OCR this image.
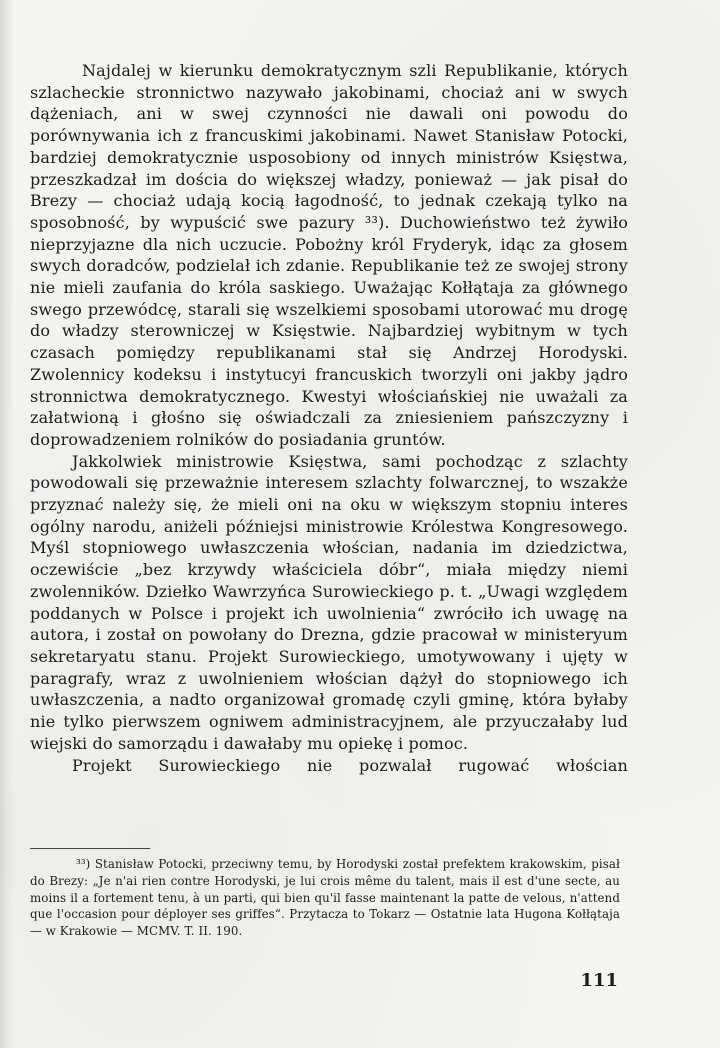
Najdalej w kierunku demokratycznym szli Republikanie, których szlacheckie stronnictwo nazywało jakobinami, chociaż ani w swych dążeniach, ani w swej czynności nie dawali oni powodu do porównywania ich z francuskimi jakobinami. Nawet Stanisław Potocki, bardziej demokratycznie usposobiony od innych ministrów Księstwa, przeszkadzał im dościa do większej władzy, ponieważ — jak pisał do Brezy — chociaż udają kocią łagodność, to jednak czekają tylko na sposobność, by wypuścić swe pazury ³³). Duchowieństwo też żywiło nieprzyjazne dla nich uczucie. Pobożny król Fryderyk, idąc za głosem swych doradców, podzielał ich zdanie. Republikanie też ze swojej strony nie mieli zaufania do króla saskiego. Uważając Kołłątaja za głównego swego przewódcę, starali się wszelkiemi sposobami utorować mu drogę do władzy sterowniczej w Księstwie. Najbardziej wybitnym w tych czasach pomiędzy republikanami stał się Andrzej Horodyski. Zwolennicy kodeksu i instytucyi francuskich tworzyli oni jakby jądro stronnictwa demokratycznego. Kwestyi włościańskiej nie uważali za załatwioną i głośno się oświadczali za zniesieniem pańszczyzny i doprowadzeniem rolników do posiadania gruntów.

Jakkolwiek ministrowie Księstwa, sami pochodząc z szlachty powodowali się przeważnie interesem szlachty folwarcznej, to wszakże przyznać należy się, że mieli oni na oku w większym stopniu interes ogólny narodu, aniżeli późniejsi ministrowie Królestwa Kongresowego. Myśl stopniowego uwłaszczenia włościan, nadania im dziedzictwa, oczewiście „bez krzywdy właściciela dóbr“, miała między niemi zwolenników. Dziełko Wawrzyńca Surowieckiego p. t. „Uwagi względem poddanych w Polsce i projekt ich uwolnienia“ zwróciło ich uwagę na autora, i został on powołany do Drezna, gdzie pracował w ministeryum sekretaryatu stanu. Projekt Surowieckiego, umotywowany i ujęty w paragrafy, wraz z uwolnieniem włościan dążył do stopniowego ich uwłaszczenia, a nadto organizował gromadę czyli gminę, która byłaby nie tylko pierwszem ogniwem administracyjnem, ale przyuczałaby lud wiejski do samorządu i dawałaby mu opiekę i pomoc.

Projekt Surowieckiego nie pozwalał rugować włościan

³³) Stanisław Potocki, przeciwny temu, by Horodyski został prefektem krakowskim, pisał do Brezy: „Je n'ai rien contre Horodyski, je lui crois même du talent, mais il est d'une secte, au moins il a fortement tenu, à un parti, qui bien qu'il fasse maintenant la patte de velous, n'attend que l'occasion pour déployer ses griffes“. Przytacza to Tokarz — Ostatnie lata Hugona Kołłątaja — w Krakowie — MCMV. T. II. 190.

111
